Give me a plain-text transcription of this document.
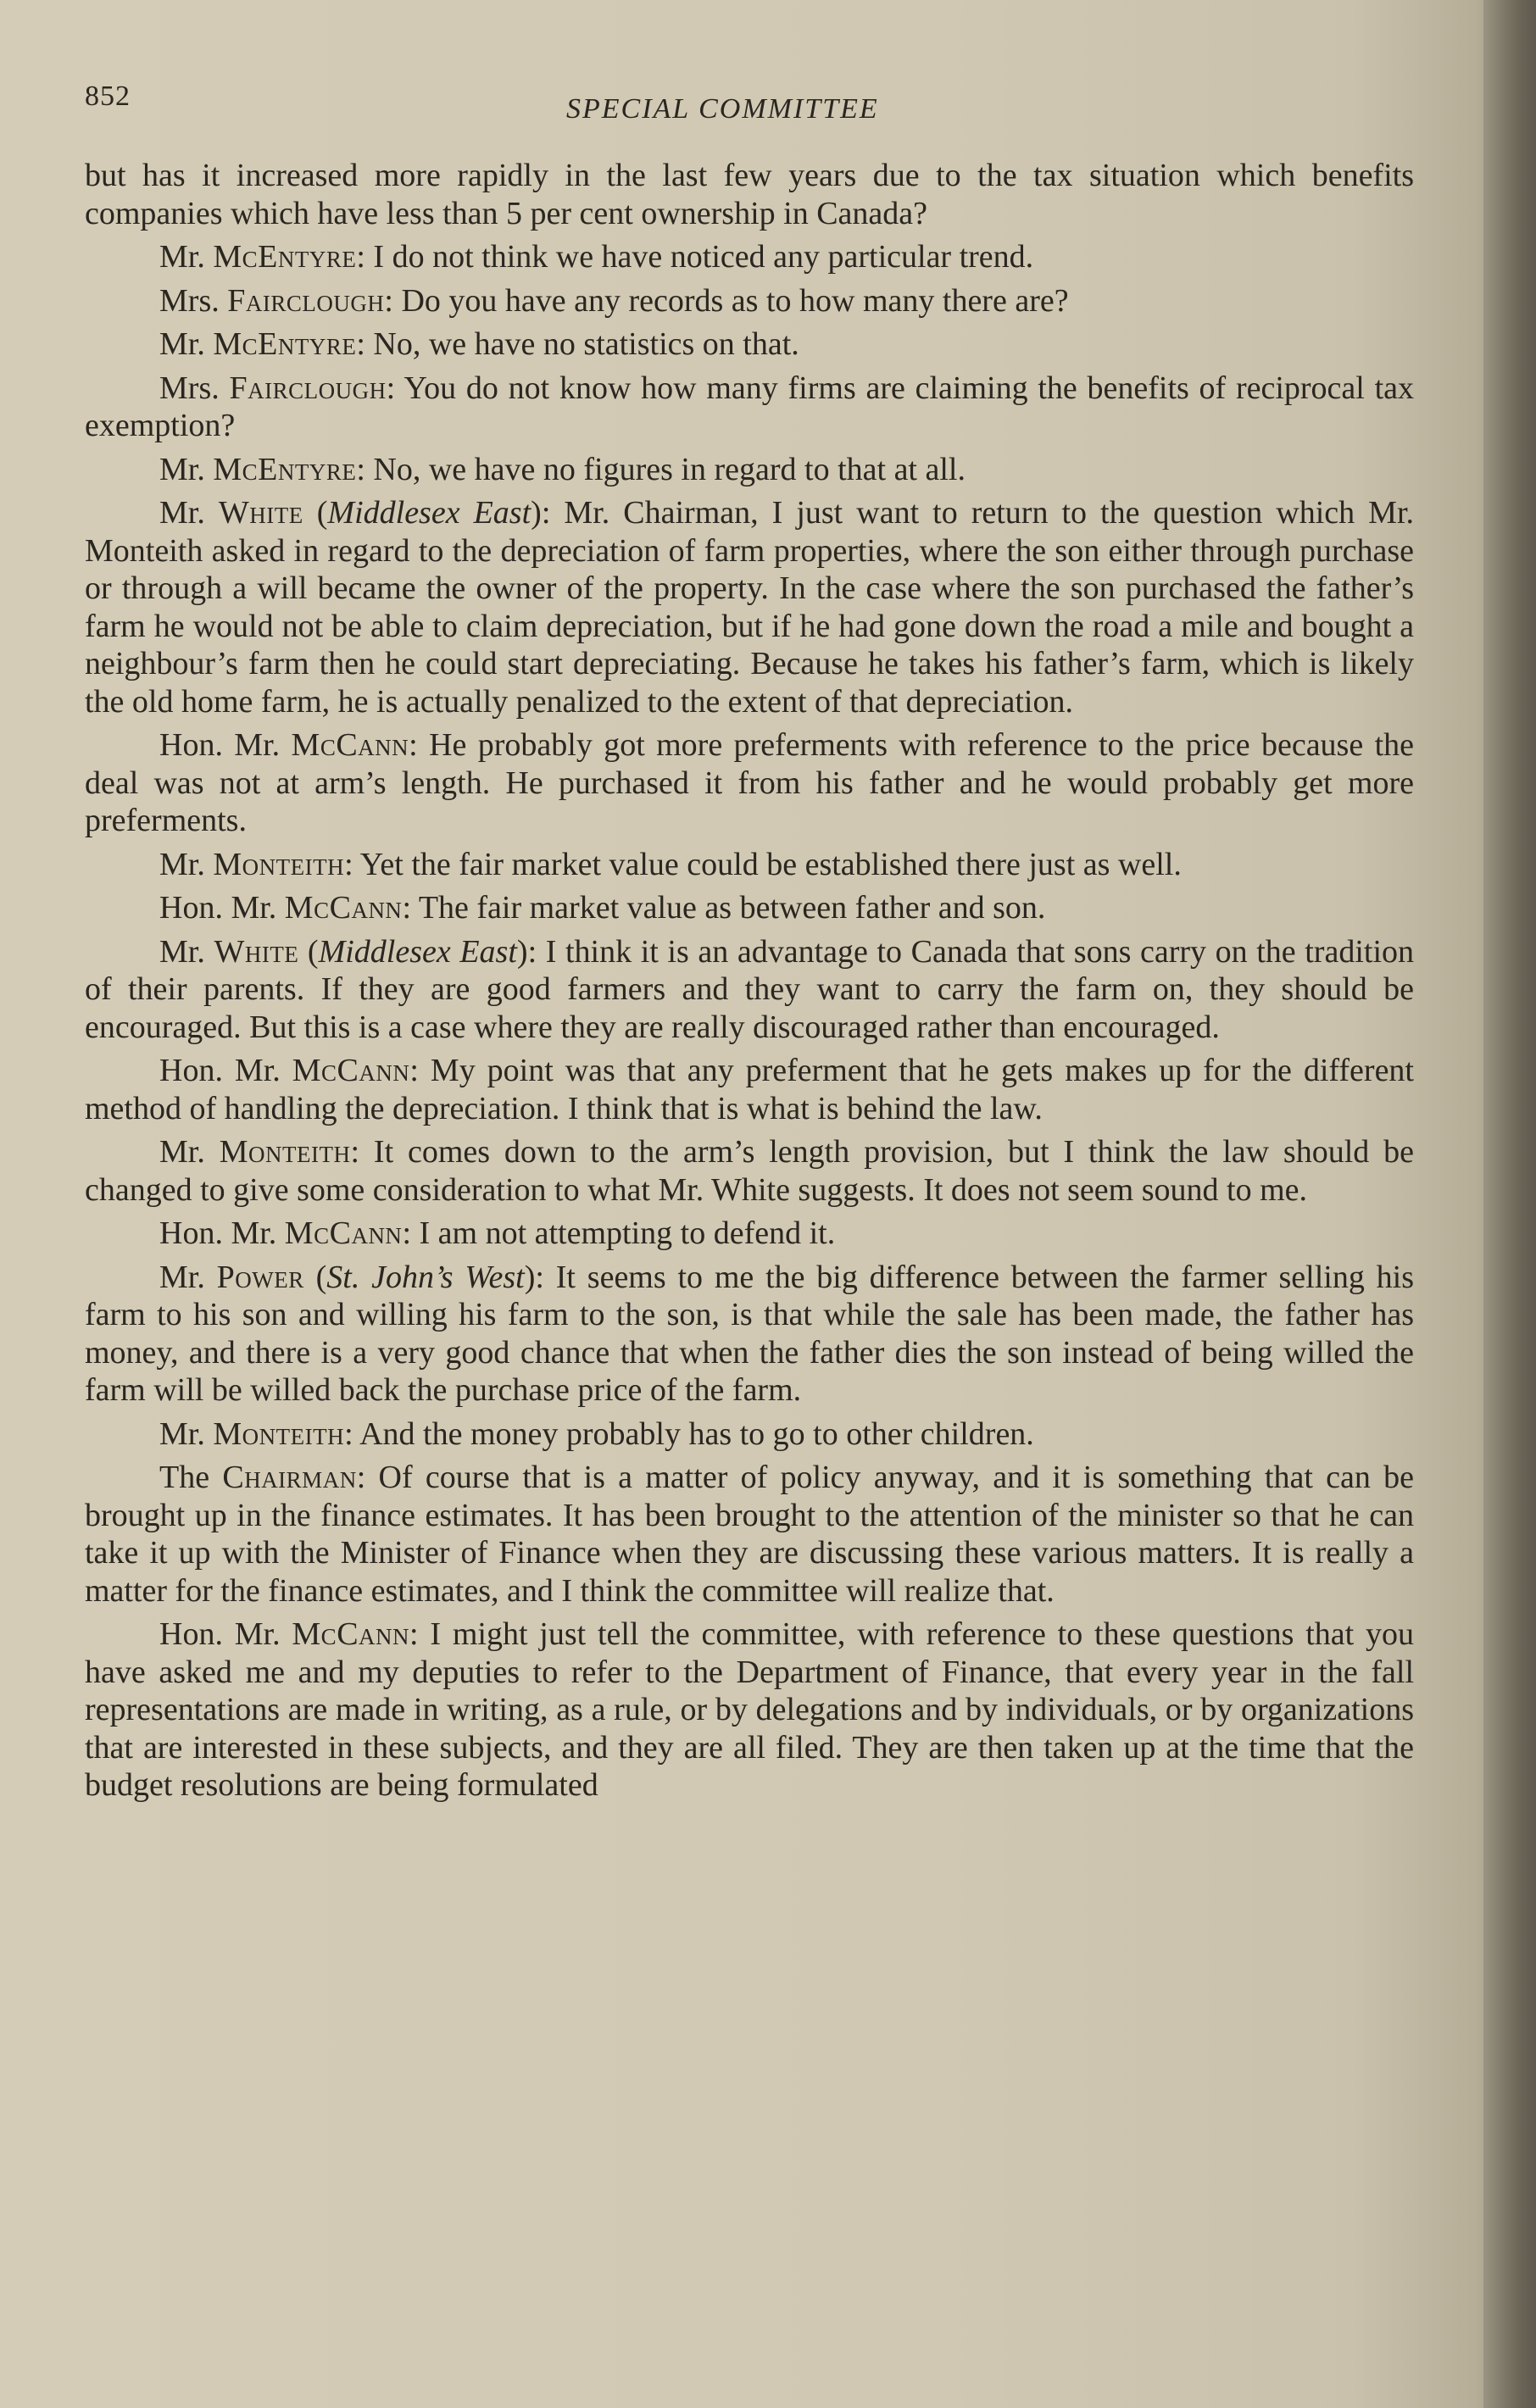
852	SPECIAL COMMITTEE

but has it increased more rapidly in the last few years due to the tax situation which benefits companies which have less than 5 per cent ownership in Canada?

Mr. McEntyre: I do not think we have noticed any particular trend.

Mrs. Fairclough: Do you have any records as to how many there are?

Mr. McEntyre: No, we have no statistics on that.

Mrs. Fairclough: You do not know how many firms are claiming the benefits of reciprocal tax exemption?

Mr. McEntyre: No, we have no figures in regard to that at all.

Mr. White (Middlesex East): Mr. Chairman, I just want to return to the question which Mr. Monteith asked in regard to the depreciation of farm properties, where the son either through purchase or through a will became the owner of the property. In the case where the son purchased the father’s farm he would not be able to claim depreciation, but if he had gone down the road a mile and bought a neighbour’s farm then he could start depreciating. Because he takes his father’s farm, which is likely the old home farm, he is actually penalized to the extent of that depreciation.

Hon. Mr. McCann: He probably got more preferments with reference to the price because the deal was not at arm’s length. He purchased it from his father and he would probably get more preferments.

Mr. Monteith: Yet the fair market value could be established there just as well.

Hon. Mr. McCann: The fair market value as between father and son.

Mr. White (Middlesex East): I think it is an advantage to Canada that sons carry on the tradition of their parents. If they are good farmers and they want to carry the farm on, they should be encouraged. But this is a case where they are really discouraged rather than encouraged.

Hon. Mr. McCann: My point was that any preferment that he gets makes up for the different method of handling the depreciation. I think that is what is behind the law.

Mr. Monteith: It comes down to the arm’s length provision, but I think the law should be changed to give some consideration to what Mr. White suggests. It does not seem sound to me.

Hon. Mr. McCann: I am not attempting to defend it.

Mr. Power (St. John’s West): It seems to me the big difference between the farmer selling his farm to his son and willing his farm to the son, is that while the sale has been made, the father has money, and there is a very good chance that when the father dies the son instead of being willed the farm will be willed back the purchase price of the farm.

Mr. Monteith: And the money probably has to go to other children.

The Chairman: Of course that is a matter of policy anyway, and it is something that can be brought up in the finance estimates. It has been brought to the attention of the minister so that he can take it up with the Minister of Finance when they are discussing these various matters. It is really a matter for the finance estimates, and I think the committee will realize that.

Hon. Mr. McCann: I might just tell the committee, with reference to these questions that you have asked me and my deputies to refer to the Department of Finance, that every year in the fall representations are made in writing, as a rule, or by delegations and by individuals, or by organizations that are interested in these subjects, and they are all filed. They are then taken up at the time that the budget resolutions are being formulated
